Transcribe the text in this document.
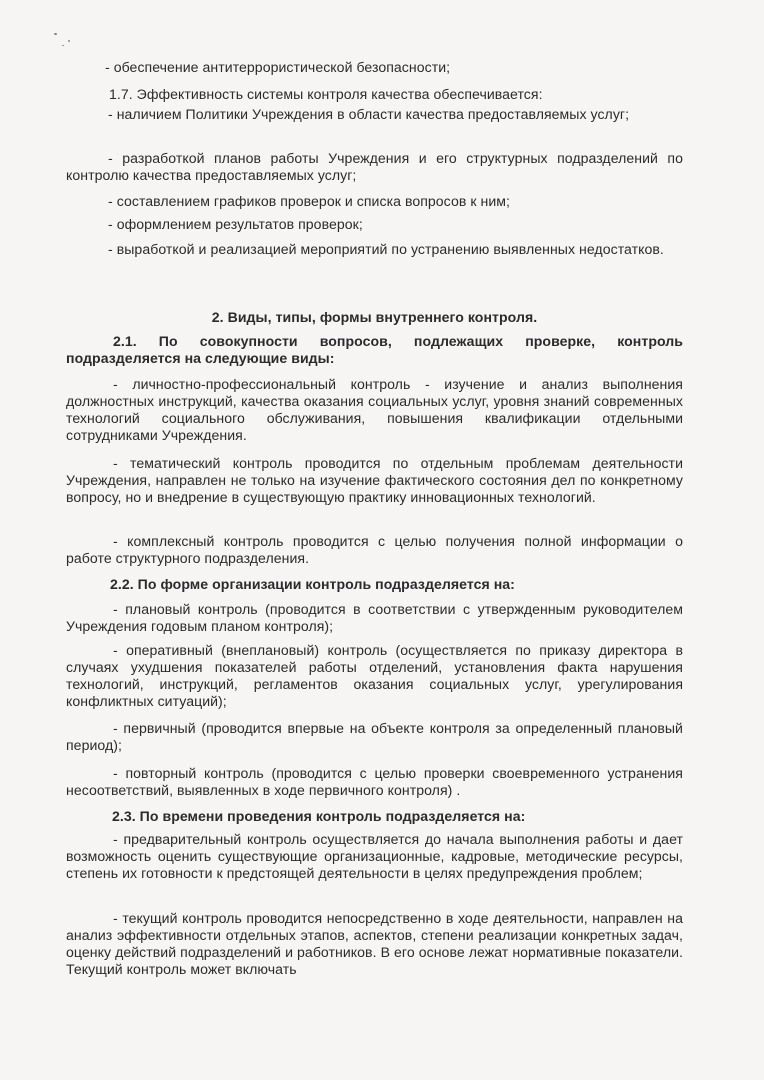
- обеспечение антитеррористической безопасности;

1.7. Эффективность системы контроля качества обеспечивается:

- наличием Политики Учреждения в области качества предоставляемых услуг;

- разработкой планов работы Учреждения и его структурных подразделений по контролю качества предоставляемых услуг;

- составлением графиков проверок и списка вопросов к ним;

- оформлением результатов проверок;

- выработкой и реализацией мероприятий по устранению выявленных недостатков.

2. Виды, типы, формы внутреннего контроля.

2.1. По совокупности вопросов, подлежащих проверке, контроль подразделяется на следующие виды:

- личностно-профессиональный контроль - изучение и анализ выполнения должностных инструкций, качества оказания социальных услуг, уровня знаний современных технологий социального обслуживания, повышения квалификации отдельными сотрудниками Учреждения.

- тематический контроль проводится по отдельным проблемам деятельности Учреждения, направлен не только на изучение фактического состояния дел по конкретному вопросу, но и внедрение в существующую практику инновационных технологий.

- комплексный контроль проводится с целью получения полной информации о работе структурного подразделения.

2.2. По форме организации контроль подразделяется на:

- плановый контроль (проводится в соответствии с утвержденным руководителем Учреждения годовым планом контроля);

- оперативный (внеплановый) контроль (осуществляется по приказу директора в случаях ухудшения показателей работы отделений, установления факта нарушения технологий, инструкций, регламентов оказания социальных услуг, урегулирования конфликтных ситуаций);

- первичный (проводится впервые на объекте контроля за определенный плановый период);

- повторный контроль (проводится с целью проверки своевременного устранения несоответствий, выявленных в ходе первичного контроля) .

2.3. По времени проведения контроль подразделяется на:

- предварительный контроль осуществляется до начала выполнения работы и дает возможность оценить существующие организационные, кадровые, методические ресурсы, степень их готовности к предстоящей деятельности в целях предупреждения проблем;

- текущий контроль проводится непосредственно в ходе деятельности, направлен на анализ эффективности отдельных этапов, аспектов, степени реализации конкретных задач, оценку действий подразделений и работников. В его основе лежат нормативные показатели. Текущий контроль может включать
